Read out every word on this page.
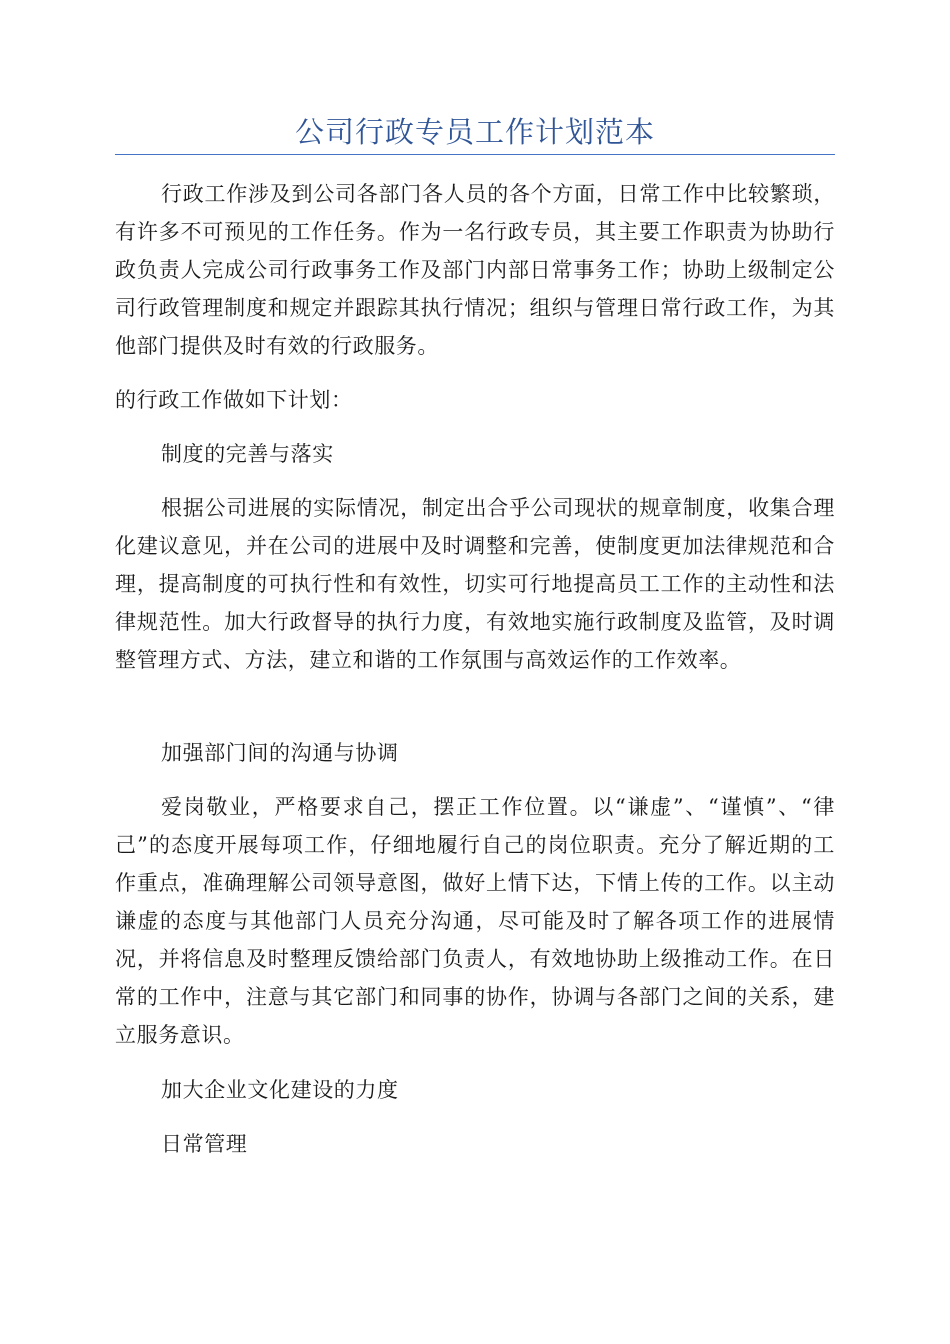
公司行政专员工作计划范本

行政工作涉及到公司各部门各人员的各个方面，日常工作中比较繁琐，有许多不可预见的工作任务。作为一名行政专员，其主要工作职责为协助行政负责人完成公司行政事务工作及部门内部日常事务工作；协助上级制定公司行政管理制度和规定并跟踪其执行情况；组织与管理日常行政工作，为其他部门提供及时有效的行政服务。

的行政工作做如下计划：

制度的完善与落实

根据公司进展的实际情况，制定出合乎公司现状的规章制度，收集合理化建议意见，并在公司的进展中及时调整和完善，使制度更加法律规范和合理，提高制度的可执行性和有效性，切实可行地提高员工工作的主动性和法律规范性。加大行政督导的执行力度，有效地实施行政制度及监管，及时调整管理方式、方法，建立和谐的工作氛围与高效运作的工作效率。

加强部门间的沟通与协调

爱岗敬业，严格要求自己，摆正工作位置。以“谦虚”、“谨慎”、“律己”的态度开展每项工作，仔细地履行自己的岗位职责。充分了解近期的工作重点，准确理解公司领导意图，做好上情下达，下情上传的工作。以主动谦虚的态度与其他部门人员充分沟通，尽可能及时了解各项工作的进展情况，并将信息及时整理反馈给部门负责人，有效地协助上级推动工作。在日常的工作中，注意与其它部门和同事的协作，协调与各部门之间的关系，建立服务意识。

加大企业文化建设的力度

日常管理
